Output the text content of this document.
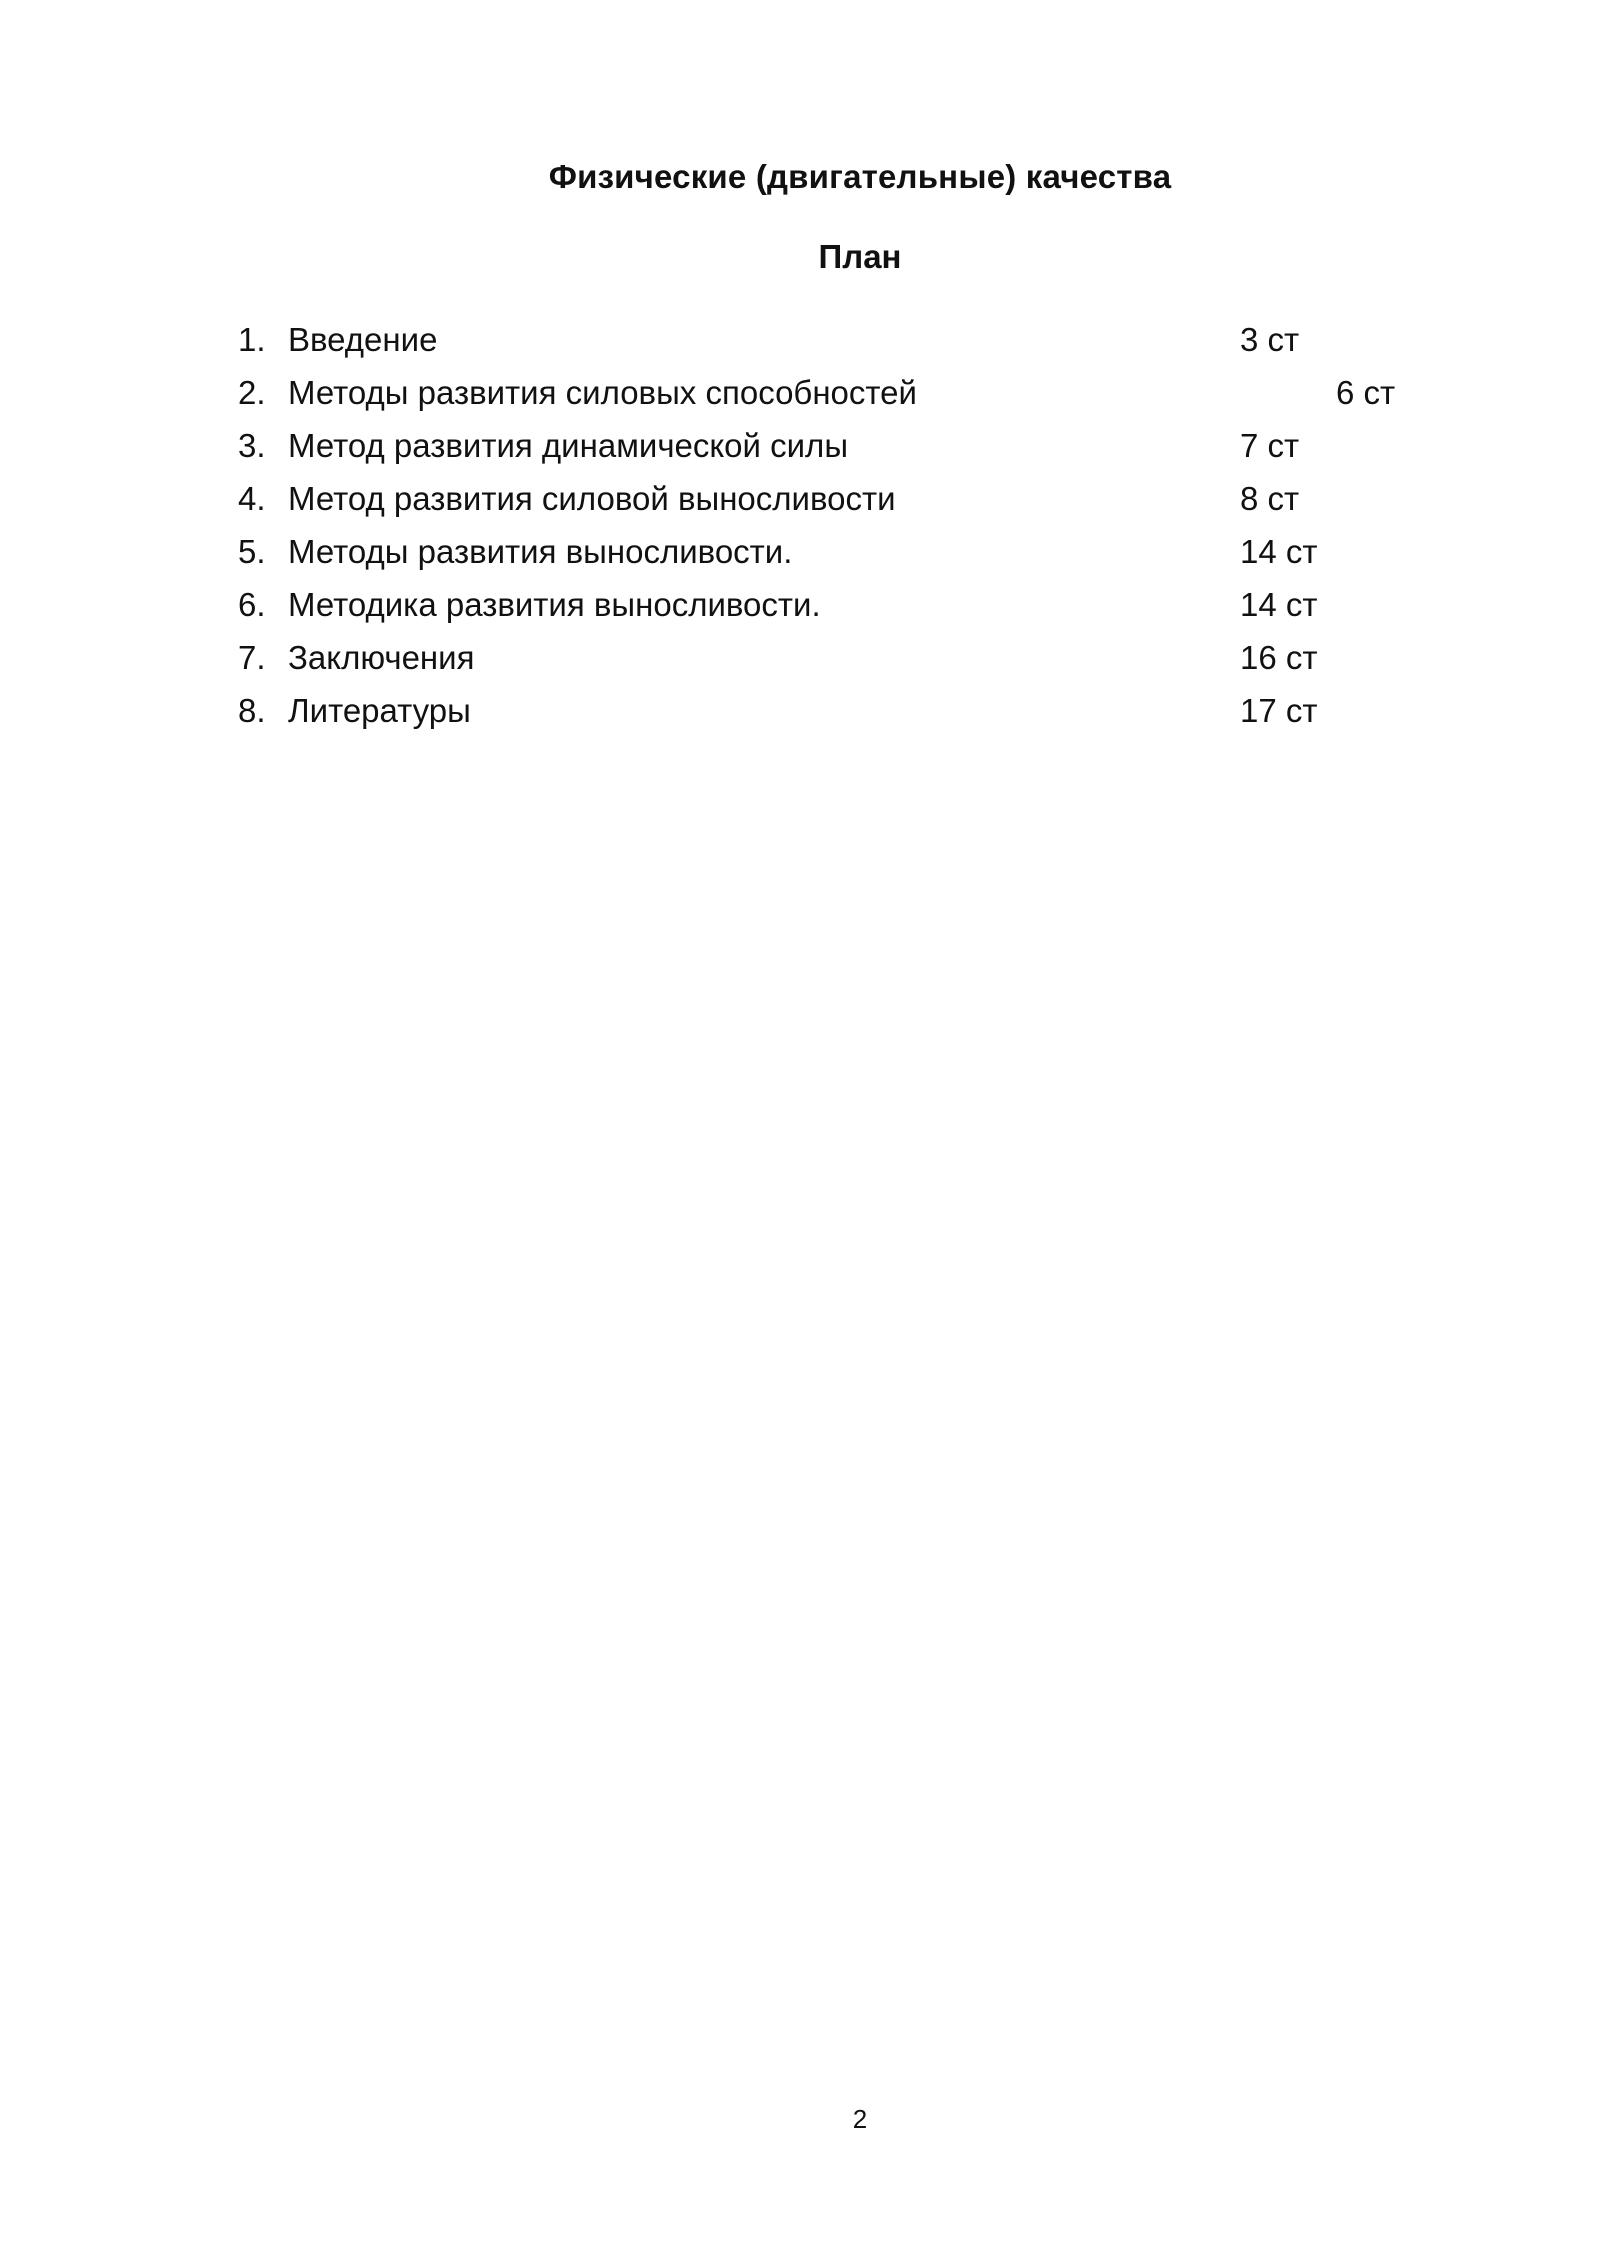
Физические (двигательные) качества
План
1. Введение	3 ст
2. Методы развития силовых способностей	6 ст
3. Метод развития динамической силы	7 ст
4. Метод развития силовой выносливости	8 ст
5. Методы развития выносливости.	14 ст
6. Методика развития выносливости.	14 ст
7. Заключения	16 ст
8. Литературы	17 ст
2
